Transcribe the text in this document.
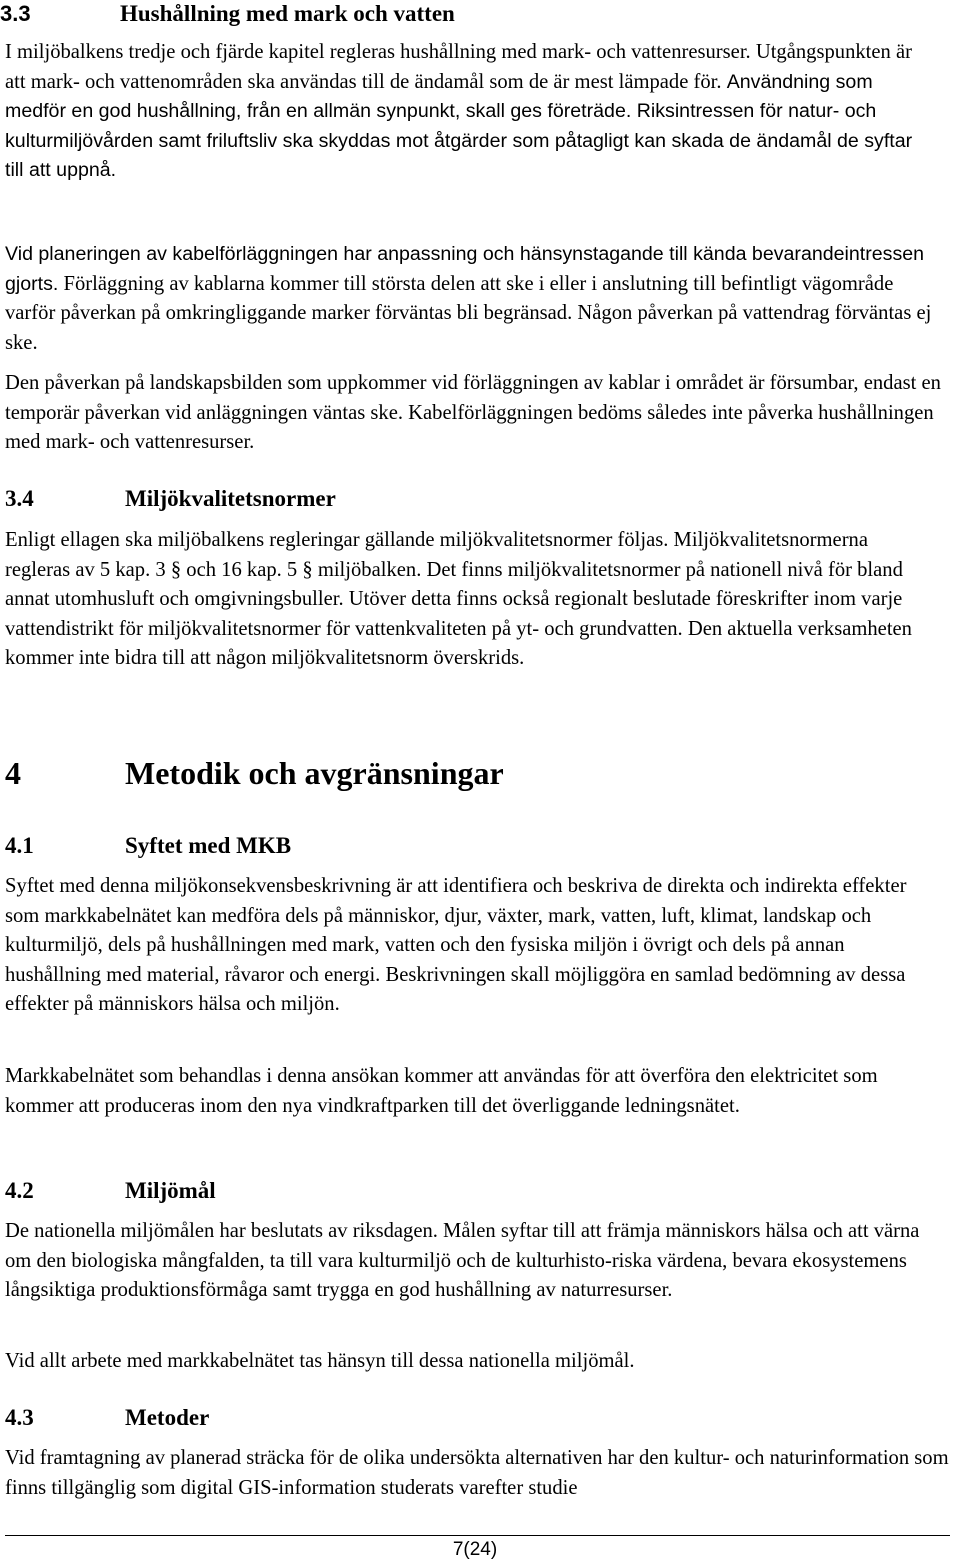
3.3	Hushållning med mark och vatten

I miljöbalkens tredje och fjärde kapitel regleras hushållning med mark- och vattenresurser. Utgångspunkten är att mark- och vattenområden ska användas till de ändamål som de är mest lämpade för. Användning som medför en god hushållning, från en allmän synpunkt, skall ges företräde. Riksintressen för natur- och kulturmiljövården samt friluftsliv ska skyddas mot åtgärder som påtagligt kan skada de ändamål de syftar till att uppnå.

Vid planeringen av kabelförläggningen har anpassning och hänsynstagande till kända bevarandeintressen gjorts. Förläggning av kablarna kommer till största delen att ske i eller i anslutning till befintligt vägområde varför påverkan på omkringliggande marker förväntas bli begränsad. Någon påverkan på vattendrag förväntas ej ske.

Den påverkan på landskapsbilden som uppkommer vid förläggningen av kablar i området är försumbar, endast en temporär påverkan vid anläggningen väntas ske. Kabelförläggningen bedöms således inte påverka hushållningen med mark- och vattenresurser.

3.4	Miljökvalitetsnormer

Enligt ellagen ska miljöbalkens regleringar gällande miljökvalitetsnormer följas. Miljökvalitetsnormerna regleras av 5 kap. 3 § och 16 kap. 5 § miljöbalken. Det finns miljökvalitetsnormer på nationell nivå för bland annat utomhusluft och omgivningsbuller. Utöver detta finns också regionalt beslutade föreskrifter inom varje vattendistrikt för miljökvalitetsnormer för vattenkvaliteten på yt- och grundvatten. Den aktuella verksamheten kommer inte bidra till att någon miljökvalitetsnorm överskrids.

4	Metodik och avgränsningar
4.1	Syftet med MKB

Syftet med denna miljökonsekvensbeskrivning är att identifiera och beskriva de direkta och indirekta effekter som markkabelnätet kan medföra dels på människor, djur, växter, mark, vatten, luft, klimat, landskap och kulturmiljö, dels på hushållningen med mark, vatten och den fysiska miljön i övrigt och dels på annan hushållning med material, råvaror och energi. Beskrivningen skall möjliggöra en samlad bedömning av dessa effekter på människors hälsa och miljön.

Markkabelnätet som behandlas i denna ansökan kommer att användas för att överföra den elektricitet som kommer att produceras inom den nya vindkraftparken till det överliggande ledningsnätet.

4.2	Miljömål

De nationella miljömålen har beslutats av riksdagen. Målen syftar till att främja människors hälsa och att värna om den biologiska mångfalden, ta till vara kulturmiljö och de kulturhisto-riska värdena, bevara ekosystemens långsiktiga produktionsförmåga samt trygga en god hushållning av naturresurser.

Vid allt arbete med markkabelnätet tas hänsyn till dessa nationella miljömål.

4.3	Metoder

Vid framtagning av planerad sträcka för de olika undersökta alternativen har den kultur- och naturinformation som finns tillgänglig som digital GIS-information studerats varefter studie

7(24)
